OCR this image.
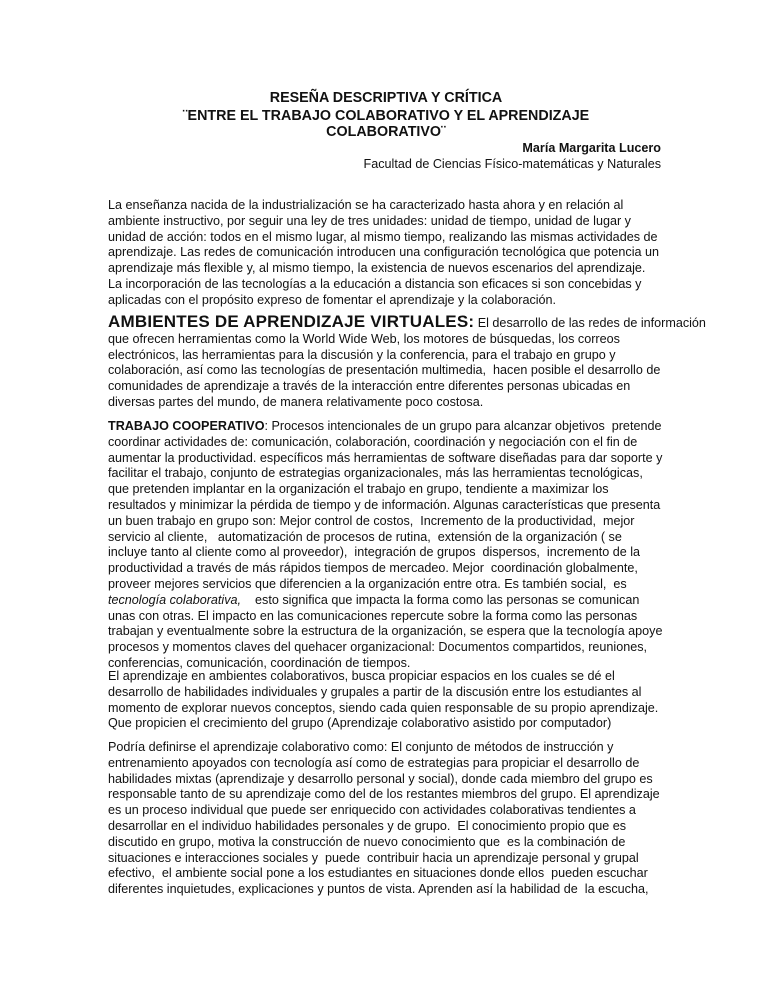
RESEÑA DESCRIPTIVA Y CRÍTICA

¨ENTRE EL TRABAJO COLABORATIVO Y EL APRENDIZAJE

COLABORATIVO¨

María Margarita Lucero

Facultad de Ciencias Físico-matemáticas y Naturales

La enseñanza nacida de la industrialización se ha caracterizado hasta ahora y en relación al
ambiente instructivo, por seguir una ley de tres unidades: unidad de tiempo, unidad de lugar y
unidad de acción: todos en el mismo lugar, al mismo tiempo, realizando las mismas actividades de
aprendizaje. Las redes de comunicación introducen una configuración tecnológica que potencia un
aprendizaje más flexible y, al mismo tiempo, la existencia de nuevos escenarios del aprendizaje.
La incorporación de las tecnologías a la educación a distancia son eficaces si son concebidas y
aplicadas con el propósito expreso de fomentar el aprendizaje y la colaboración.
AMBIENTES DE APRENDIZAJE VIRTUALES: El desarrollo de las redes de información
que ofrecen herramientas como la World Wide Web, los motores de búsquedas, los correos
electrónicos, las herramientas para la discusión y la conferencia, para el trabajo en grupo y
colaboración, así como las tecnologías de presentación multimedia,  hacen posible el desarrollo de
comunidades de aprendizaje a través de la interacción entre diferentes personas ubicadas en
diversas partes del mundo, de manera relativamente poco costosa.
TRABAJO COOPERATIVO: Procesos intencionales de un grupo para alcanzar objetivos  pretende
coordinar actividades de: comunicación, colaboración, coordinación y negociación con el fin de
aumentar la productividad. específicos más herramientas de software diseñadas para dar soporte y
facilitar el trabajo, conjunto de estrategias organizacionales, más las herramientas tecnológicas,
que pretenden implantar en la organización el trabajo en grupo, tendiente a maximizar los
resultados y minimizar la pérdida de tiempo y de información. Algunas características que presenta
un buen trabajo en grupo son: Mejor control de costos,  Incremento de la productividad,  mejor
servicio al cliente,   automatización de procesos de rutina,  extensión de la organización ( se
incluye tanto al cliente como al proveedor),  integración de grupos  dispersos,  incremento de la
productividad a través de más rápidos tiempos de mercadeo. Mejor  coordinación globalmente,
proveer mejores servicios que diferencien a la organización entre otra. Es también social,  es
tecnología colaborativa,    esto significa que impacta la forma como las personas se comunican
unas con otras. El impacto en las comunicaciones repercute sobre la forma como las personas
trabajan y eventualmente sobre la estructura de la organización, se espera que la tecnología apoye
procesos y momentos claves del quehacer organizacional: Documentos compartidos, reuniones,
conferencias, comunicación, coordinación de tiempos.
El aprendizaje en ambientes colaborativos, busca propiciar espacios en los cuales se dé el
desarrollo de habilidades individuales y grupales a partir de la discusión entre los estudiantes al
momento de explorar nuevos conceptos, siendo cada quien responsable de su propio aprendizaje.
Que propicien el crecimiento del grupo (Aprendizaje colaborativo asistido por computador)
Podría definirse el aprendizaje colaborativo como: El conjunto de métodos de instrucción y
entrenamiento apoyados con tecnología así como de estrategias para propiciar el desarrollo de
habilidades mixtas (aprendizaje y desarrollo personal y social), donde cada miembro del grupo es
responsable tanto de su aprendizaje como del de los restantes miembros del grupo. El aprendizaje
es un proceso individual que puede ser enriquecido con actividades colaborativas tendientes a
desarrollar en el individuo habilidades personales y de grupo.  El conocimiento propio que es
discutido en grupo, motiva la construcción de nuevo conocimiento que  es la combinación de
situaciones e interacciones sociales y  puede  contribuir hacia un aprendizaje personal y grupal
efectivo,  el ambiente social pone a los estudiantes en situaciones donde ellos  pueden escuchar
diferentes inquietudes, explicaciones y puntos de vista. Aprenden así la habilidad de  la escucha,
